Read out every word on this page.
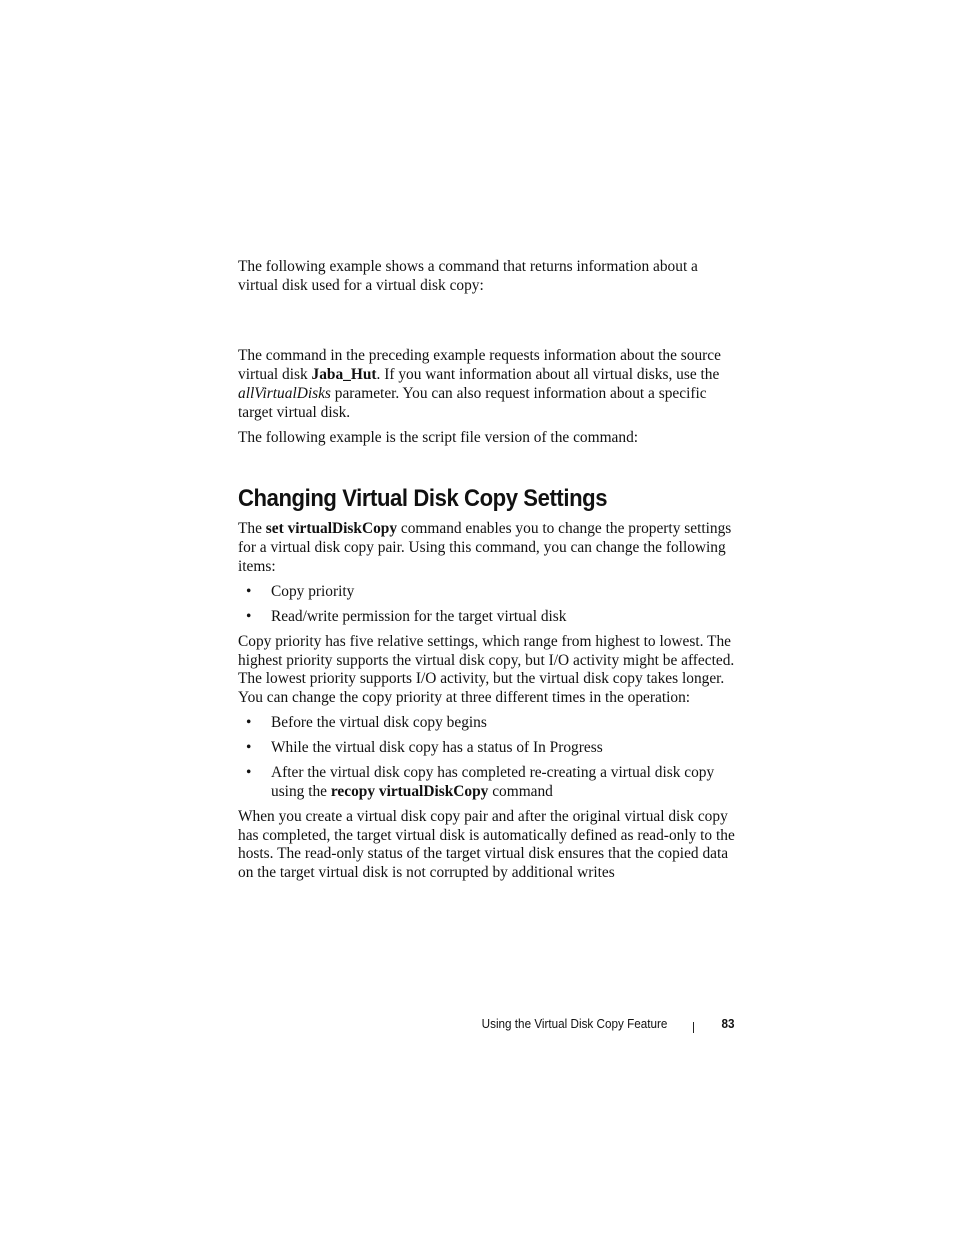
The following example shows a command that returns information about a virtual disk used for a virtual disk copy:

The command in the preceding example requests information about the source virtual disk Jaba_Hut. If you want information about all virtual disks, use the allVirtualDisks parameter. You can also request information about a specific target virtual disk.

The following example is the script file version of the command:

Changing Virtual Disk Copy Settings

The set virtualDiskCopy command enables you to change the property settings for a virtual disk copy pair. Using this command, you can change the following items:

• Copy priority
• Read/write permission for the target virtual disk

Copy priority has five relative settings, which range from highest to lowest. The highest priority supports the virtual disk copy, but I/O activity might be affected. The lowest priority supports I/O activity, but the virtual disk copy takes longer. You can change the copy priority at three different times in the operation:

• Before the virtual disk copy begins
• While the virtual disk copy has a status of In Progress
• After the virtual disk copy has completed re-creating a virtual disk copy using the recopy virtualDiskCopy command

When you create a virtual disk copy pair and after the original virtual disk copy has completed, the target virtual disk is automatically defined as read-only to the hosts. The read-only status of the target virtual disk ensures that the copied data on the target virtual disk is not corrupted by additional writes

Using the Virtual Disk Copy Feature	83
